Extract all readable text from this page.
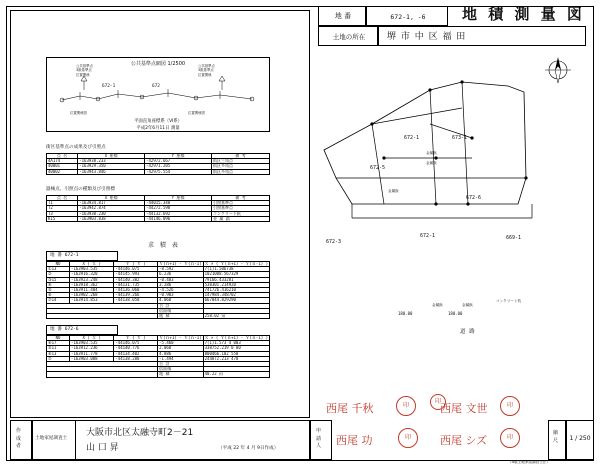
地 番	672-1, -6	地 積 測 量 図
土地の所在	堺 市 中 区 福 田
公共基準点網図 1/2500
公共基準点
3級基準点
位置関係
公共基準点
3級基準点
位置関係
672-1	672
位置関係図	位置関係図
平面直角座標系（Ⅵ系）
平成2年6月11日 測量
街区基準点の成果及び引照点
点 名	X 座標	Y 座標	備 考
4A174	-163938.233	-42972.667	街区三角点
40001	-163929.350	-42971.205	街区多角点
40002	-163943.846	-42975.554	街区多角点
器械点、引照点の種類及び引照標
点 名	X 座標	Y 座標	備 考
T1	-163934.817	-44015.348	引照基準点
T2	-163942.874	-44272.598	引照基準点
T3	-163930.230	-44132.692	コンクリート杭
K15	-163903.838	-44146.096	金 属 鋲
求 積 表
地 番 672-1
NO	X ( Ｘ )	Ｙ ( Ｙ )	Ｙ(ｎ+1) - Ｙ(ｎ-1)	Ｘ × ( Ｙ(ｎ+1) - Ｙ(ｎ-1) )
①13	-163903.535	-44146.075	-8.592	7(1)1.506738
②	-163916.320	-44145.993	6.236	1021008.567329
③15	-163923.248	-44140.382	-0.483	79166.433281
④	-163918.362	-44131.735	3.286	538301.214920
⑤	-163911.404	-44136.060	-4.526	741726.416210
⑥	-163902.268	-44139.266	-0.903	147984.348702
⑦14	-163914.853	-44138.058	4.068	667044.829290
			合 計	
			倍面積	
			地 積	258.02 ㎡
地 番 672-6
NO	X ( Ｘ )	Ｙ ( Ｙ )	Ｙ(ｎ+1) - Ｙ(ｎ-1)	Ｘ × ( Ｙ(ｎ+1) - Ｙ(ｎ-1) )
④17	-163903.535	-44146.075	-5.460	7(1)1.573 4 003
⑤11	-163912.236	-44140.776	2.068	338752.219 0 80
⑥13	-163911.778	-44134.402	4.886	800466.102 550
⑦	-163903.088	-44138.288	-1.494	244872.213 470
			合 計	
			倍面積	
			地 積	40.22 ㎡
672-5
672-1	673-1
672-6
672-1
672-3
669-1
金属鋲
金属鋲
金属鋲
金属鋲	金属鋲
コンクリート杭
180.00	180.00
道 路
作
成
者
土地家屋調査士
大阪市北区太融寺町2－21
山 口 昇	（平成 22 年 4 月 9日作成）
申
請
人
縮
尺	1 / 250
（A版土地家屋調査士法）
西尾 千秋	西尾 文世
西尾 功	西尾 シズ
印	印
印	印
印
